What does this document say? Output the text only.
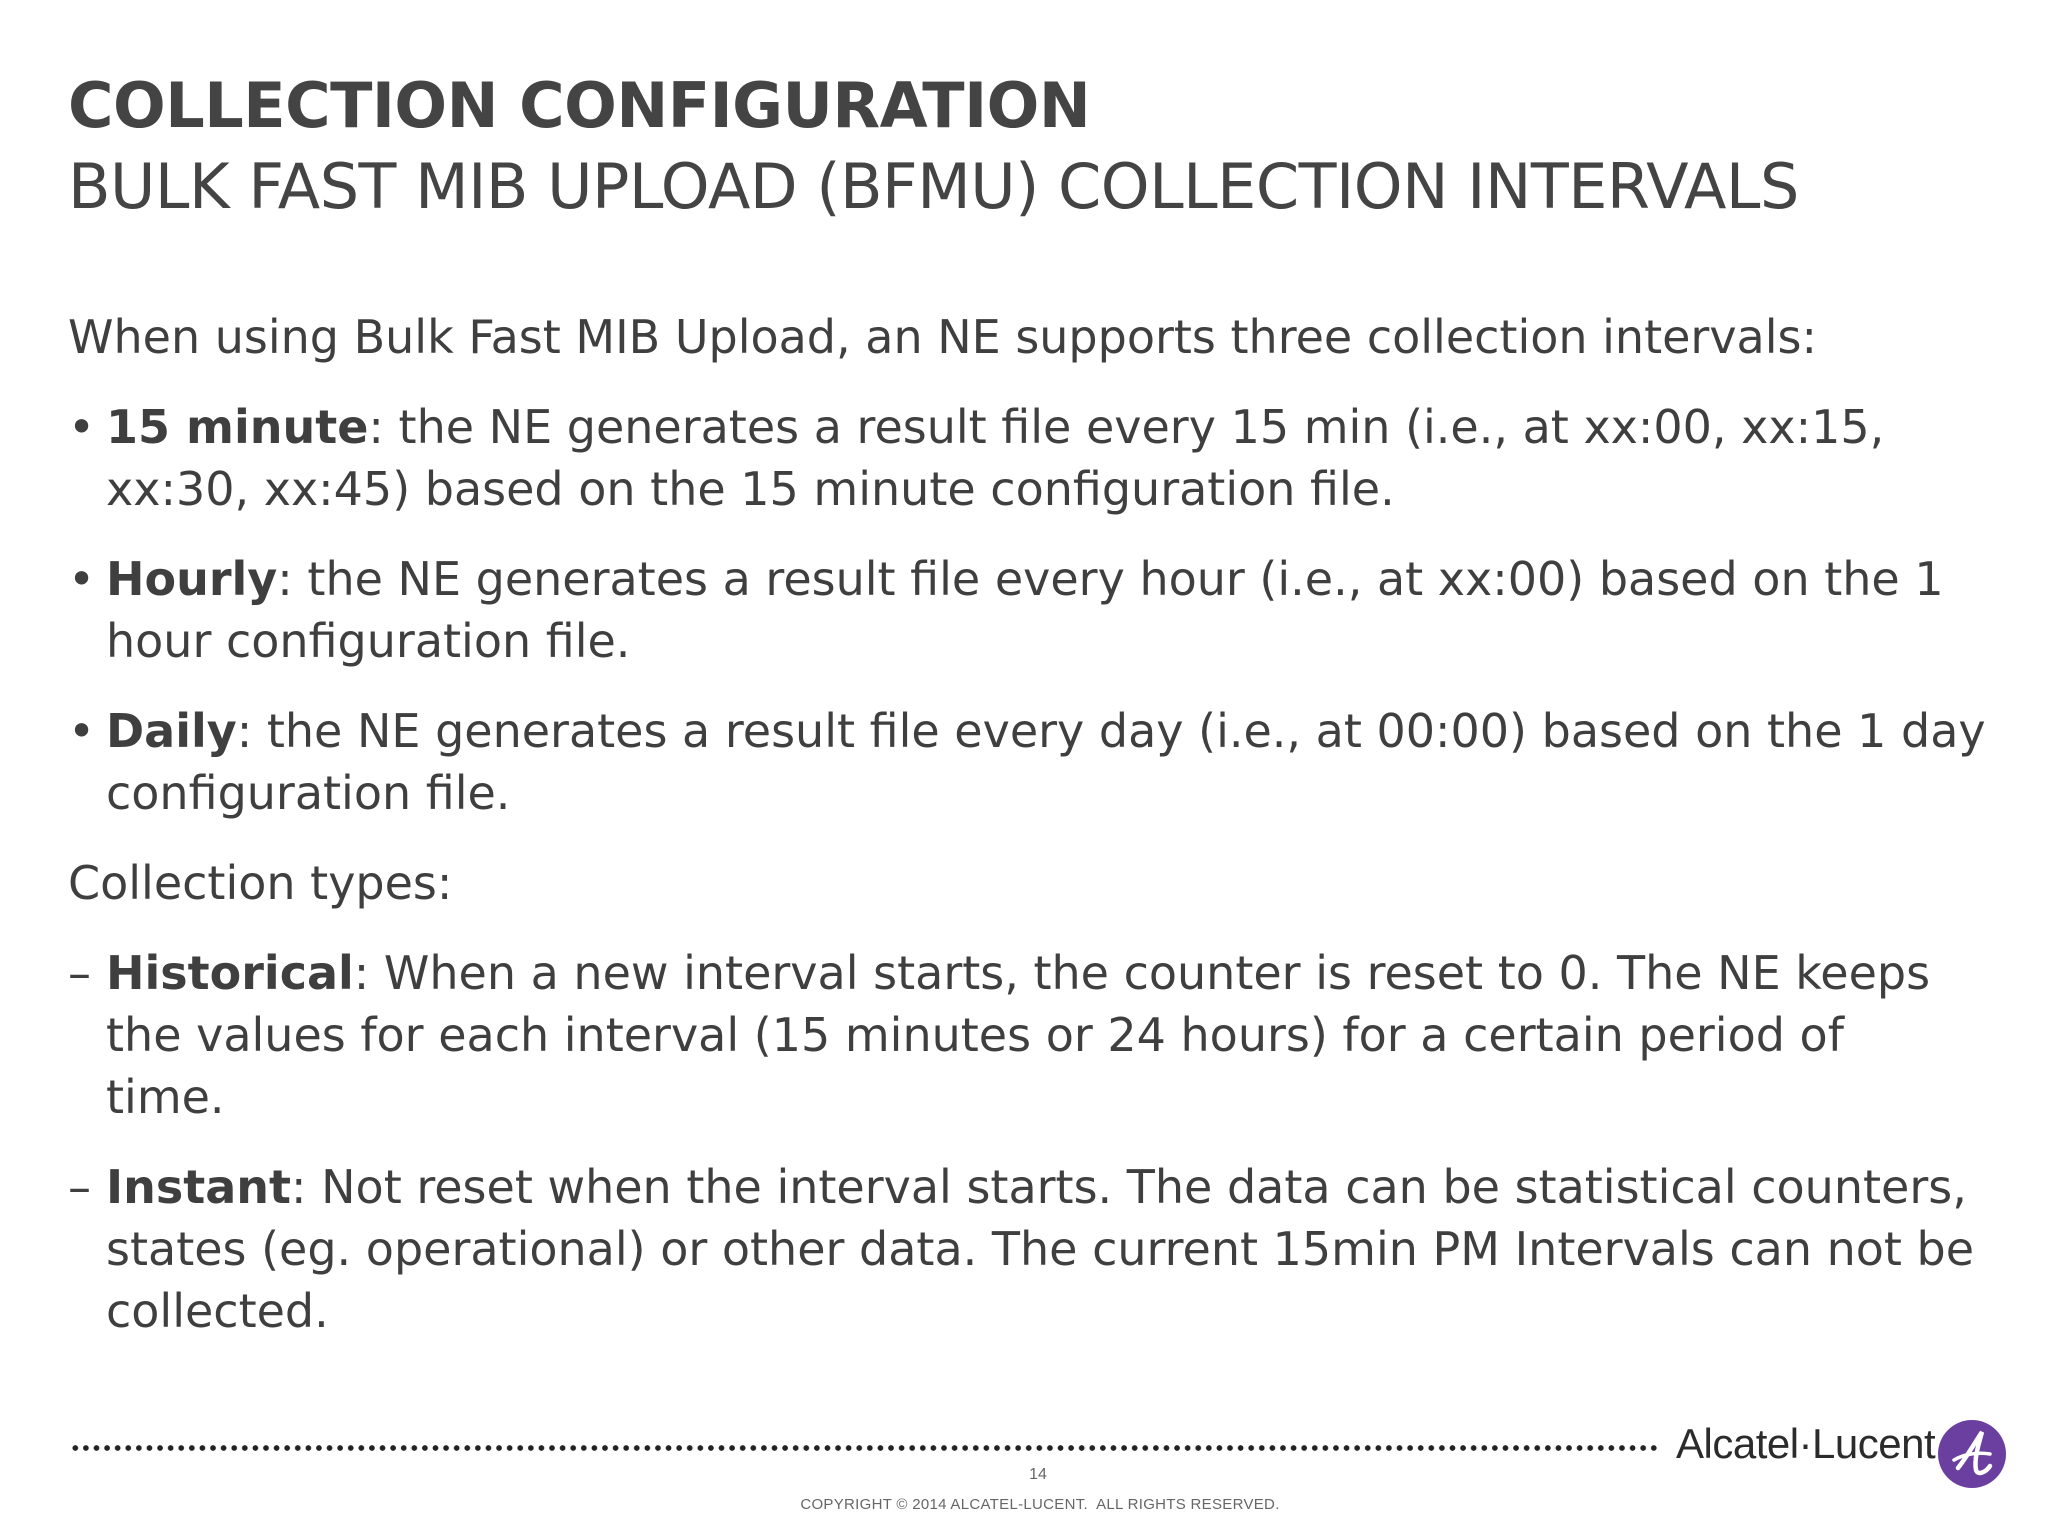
COLLECTION CONFIGURATION
BULK FAST MIB UPLOAD (BFMU) COLLECTION INTERVALS
When using Bulk Fast MIB Upload, an NE supports three collection intervals:
• 15 minute: the NE generates a result file every 15 min (i.e., at xx:00, xx:15,
xx:30, xx:45) based on the 15 minute configuration file.
• Hourly: the NE generates a result file every hour (i.e., at xx:00) based on the 1
hour configuration file.
• Daily: the NE generates a result file every day (i.e., at 00:00) based on the 1 day
configuration file.
Collection types:
– Historical: When a new interval starts, the counter is reset to 0. The NE keeps
the values for each interval (15 minutes or 24 hours) for a certain period of
time.
– Instant: Not reset when the interval starts. The data can be statistical counters,
states (eg. operational) or other data. The current 15min PM Intervals can not be
collected.
Alcatel·Lucent
14
COPYRIGHT © 2014 ALCATEL-LUCENT.  ALL RIGHTS RESERVED.
